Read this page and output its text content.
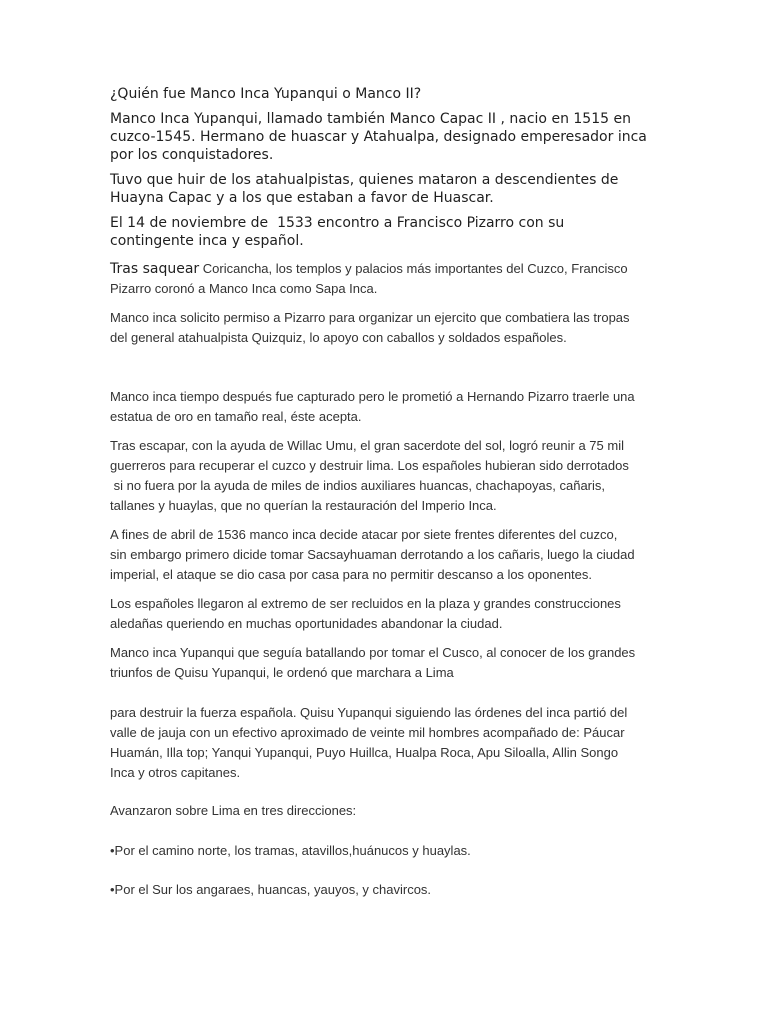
¿Quién fue Manco Inca Yupanqui o Manco II?

Manco Inca Yupanqui, llamado también Manco Capac II , nacio en 1515 en
cuzco-1545. Hermano de huascar y Atahualpa, designado emperesador inca
por los conquistadores.

Tuvo que huir de los atahualpistas, quienes mataron a descendientes de
Huayna Capac y a los que estaban a favor de Huascar.

El 14 de noviembre de  1533 encontro a Francisco Pizarro con su
contingente inca y español.

Tras saquear Coricancha, los templos y palacios más importantes del Cuzco, Francisco
Pizarro coronó a Manco Inca como Sapa Inca.

Manco inca solicito permiso a Pizarro para organizar un ejercito que combatiera las tropas
del general atahualpista Quizquiz, lo apoyo con caballos y soldados españoles.

Manco inca tiempo después fue capturado pero le prometió a Hernando Pizarro traerle una
estatua de oro en tamaño real, éste acepta.

Tras escapar, con la ayuda de Willac Umu, el gran sacerdote del sol, logró reunir a 75 mil
guerreros para recuperar el cuzco y destruir lima. Los españoles hubieran sido derrotados
si no fuera por la ayuda de miles de indios auxiliares huancas, chachapoyas, cañaris,
tallanes y huaylas, que no querían la restauración del Imperio Inca.

A fines de abril de 1536 manco inca decide atacar por siete frentes diferentes del cuzco,
sin embargo primero dicide tomar Sacsayhuaman derrotando a los cañaris, luego la ciudad
imperial, el ataque se dio casa por casa para no permitir descanso a los oponentes.

Los españoles llegaron al extremo de ser recluidos en la plaza y grandes construcciones
aledañas queriendo en muchas oportunidades abandonar la ciudad.

Manco inca Yupanqui que seguía batallando por tomar el Cusco, al conocer de los grandes
triunfos de Quisu Yupanqui, le ordenó que marchara a Lima

para destruir la fuerza española. Quisu Yupanqui siguiendo las órdenes del inca partió del
valle de jauja con un efectivo aproximado de veinte mil hombres acompañado de: Páucar
Huamán, Illa top; Yanqui Yupanqui, Puyo Huillca, Hualpa Roca, Apu Siloalla, Allin Songo
Inca y otros capitanes.

Avanzaron sobre Lima en tres direcciones:

•Por el camino norte, los tramas, atavillos,huánucos y huaylas.

•Por el Sur los angaraes, huancas, yauyos, y chavircos.
